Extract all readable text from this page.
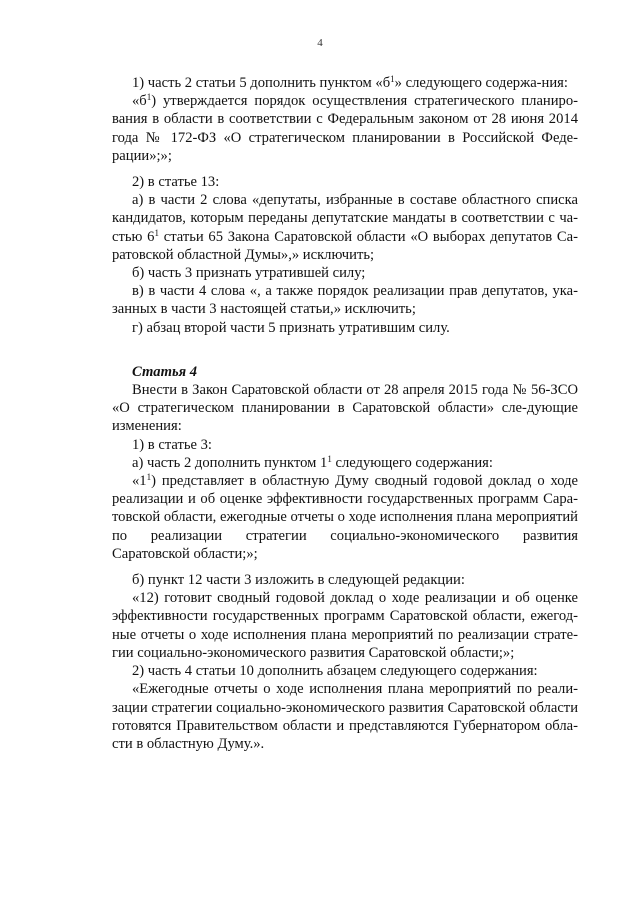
4

1) часть 2 статьи 5 дополнить пунктом «$б^1$» следующего содержа-ния:

«$б^1$) утверждается порядок осуществления стратегического планиро-вания в области в соответствии с Федеральным законом от 28 июня 2014 года № 172-ФЗ «О стратегическом планировании в Российской Феде-рации»;»;

2) в статье 13:

а) в части 2 слова «депутаты, избранные в составе областного списка кандидатов, которым переданы депутатские мандаты в соответствии с ча-стью $6^1$ статьи 65 Закона Саратовской области «О выборах депутатов Са-ратовской областной Думы»,» исключить;

б) часть 3 признать утратившей силу;

в) в части 4 слова «, а также порядок реализации прав депутатов, ука-занных в части 3 настоящей статьи,» исключить;

г) абзац второй части 5 признать утратившим силу.

Статья 4

Внести в Закон Саратовской области от 28 апреля 2015 года № 56-ЗСО «О стратегическом планировании в Саратовской области» сле-дующие изменения:

1) в статье 3:

а) часть 2 дополнить пунктом $1^1$ следующего содержания:

«$1^1$) представляет в областную Думу сводный годовой доклад о ходе реализации и об оценке эффективности государственных программ Сара-товской области, ежегодные отчеты о ходе исполнения плана мероприятий по реализации стратегии социально-экономического развития Саратовской области;»;

б) пункт 12 части 3 изложить в следующей редакции:

«12) готовит сводный годовой доклад о ходе реализации и об оценке эффективности государственных программ Саратовской области, ежегод-ные отчеты о ходе исполнения плана мероприятий по реализации страте-гии социально-экономического развития Саратовской области;»;

2) часть 4 статьи 10 дополнить абзацем следующего содержания:

«Ежегодные отчеты о ходе исполнения плана мероприятий по реали-зации стратегии социально-экономического развития Саратовской области готовятся Правительством области и представляются Губернатором обла-сти в областную Думу.».
